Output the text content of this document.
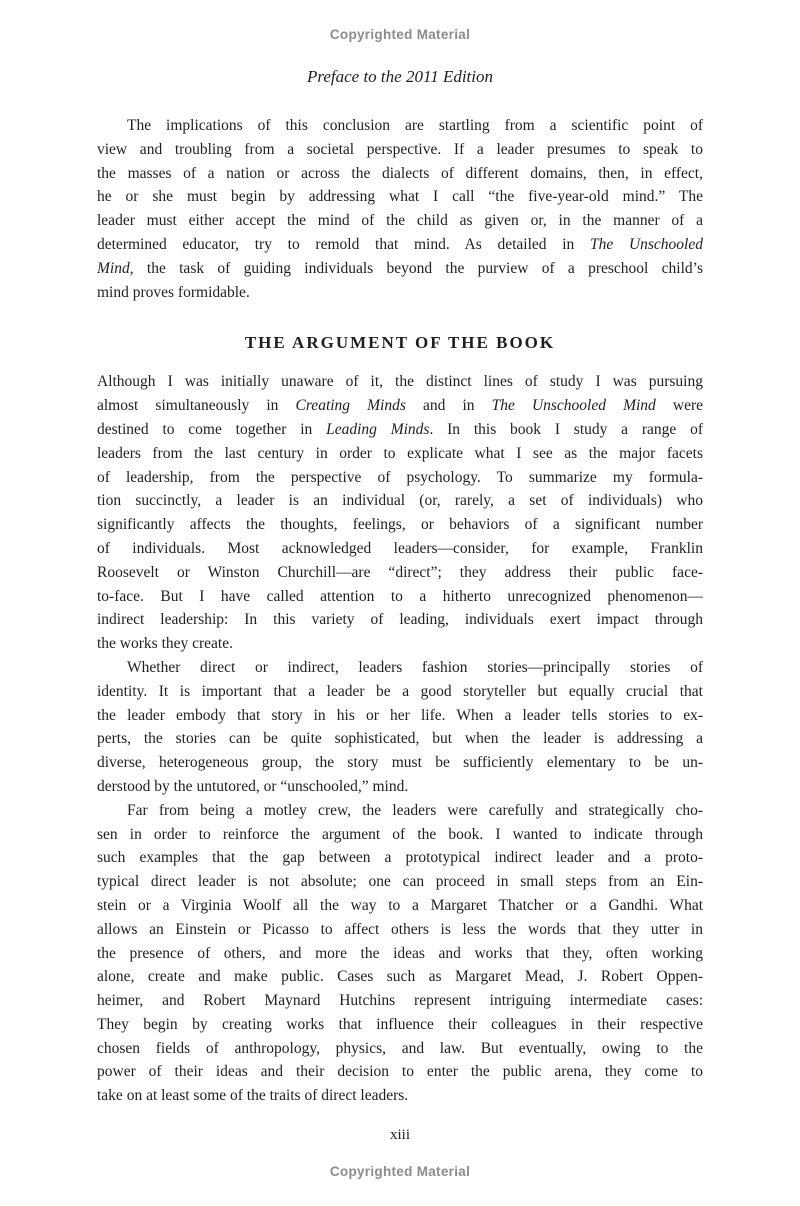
Copyrighted Material
Preface to the 2011 Edition
The implications of this conclusion are startling from a scientific point of
view and troubling from a societal perspective. If a leader presumes to speak to
the masses of a nation or across the dialects of different domains, then, in effect,
he or she must begin by addressing what I call “the five-year-old mind.” The
leader must either accept the mind of the child as given or, in the manner of a
determined educator, try to remold that mind. As detailed in The Unschooled
Mind, the task of guiding individuals beyond the purview of a preschool child’s
mind proves formidable.
THE ARGUMENT OF THE BOOK
Although I was initially unaware of it, the distinct lines of study I was pursuing
almost simultaneously in Creating Minds and in The Unschooled Mind were
destined to come together in Leading Minds. In this book I study a range of
leaders from the last century in order to explicate what I see as the major facets
of leadership, from the perspective of psychology. To summarize my formula-
tion succinctly, a leader is an individual (or, rarely, a set of individuals) who
significantly affects the thoughts, feelings, or behaviors of a significant number
of individuals. Most acknowledged leaders—consider, for example, Franklin
Roosevelt or Winston Churchill—are “direct”; they address their public face-
to-face. But I have called attention to a hitherto unrecognized phenomenon—
indirect leadership: In this variety of leading, individuals exert impact through
the works they create.
Whether direct or indirect, leaders fashion stories—principally stories of
identity. It is important that a leader be a good storyteller but equally crucial that
the leader embody that story in his or her life. When a leader tells stories to ex-
perts, the stories can be quite sophisticated, but when the leader is addressing a
diverse, heterogeneous group, the story must be sufficiently elementary to be un-
derstood by the untutored, or “unschooled,” mind.
Far from being a motley crew, the leaders were carefully and strategically cho-
sen in order to reinforce the argument of the book. I wanted to indicate through
such examples that the gap between a prototypical indirect leader and a proto-
typical direct leader is not absolute; one can proceed in small steps from an Ein-
stein or a Virginia Woolf all the way to a Margaret Thatcher or a Gandhi. What
allows an Einstein or Picasso to affect others is less the words that they utter in
the presence of others, and more the ideas and works that they, often working
alone, create and make public. Cases such as Margaret Mead, J. Robert Oppen-
heimer, and Robert Maynard Hutchins represent intriguing intermediate cases:
They begin by creating works that influence their colleagues in their respective
chosen fields of anthropology, physics, and law. But eventually, owing to the
power of their ideas and their decision to enter the public arena, they come to
take on at least some of the traits of direct leaders.
xiii
Copyrighted Material
